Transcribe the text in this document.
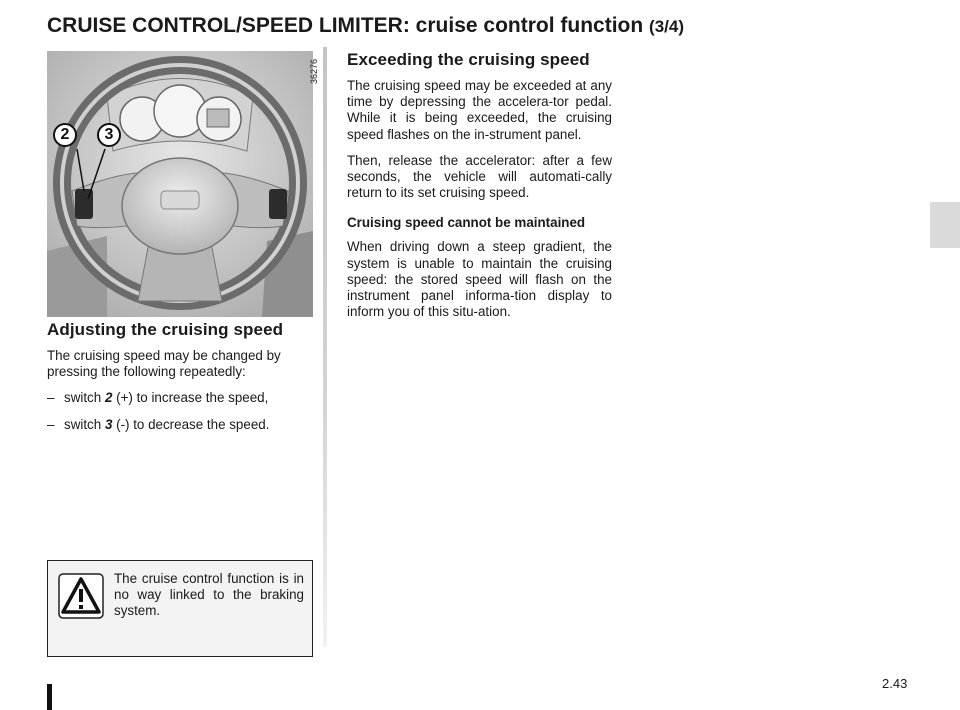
CRUISE CONTROL/SPEED LIMITER: cruise control function (3/4)
36276
2	3
Adjusting the cruising speed

The cruising speed may be changed by pressing the following repeatedly:

– switch 2 (+) to increase the speed,
– switch 3 (-) to decrease the speed.
Exceeding the cruising speed

The cruising speed may be exceeded at any time by depressing the accelera-tor pedal. While it is being exceeded, the cruising speed flashes on the in-strument panel.

Then, release the accelerator: after a few seconds, the vehicle will automati-cally return to its set cruising speed.

Cruising speed cannot be maintained

When driving down a steep gradient, the system is unable to maintain the cruising speed: the stored speed will flash on the instrument panel informa-tion display to inform you of this situ-ation.

The cruise control function is in no way linked to the braking system.
2.43
